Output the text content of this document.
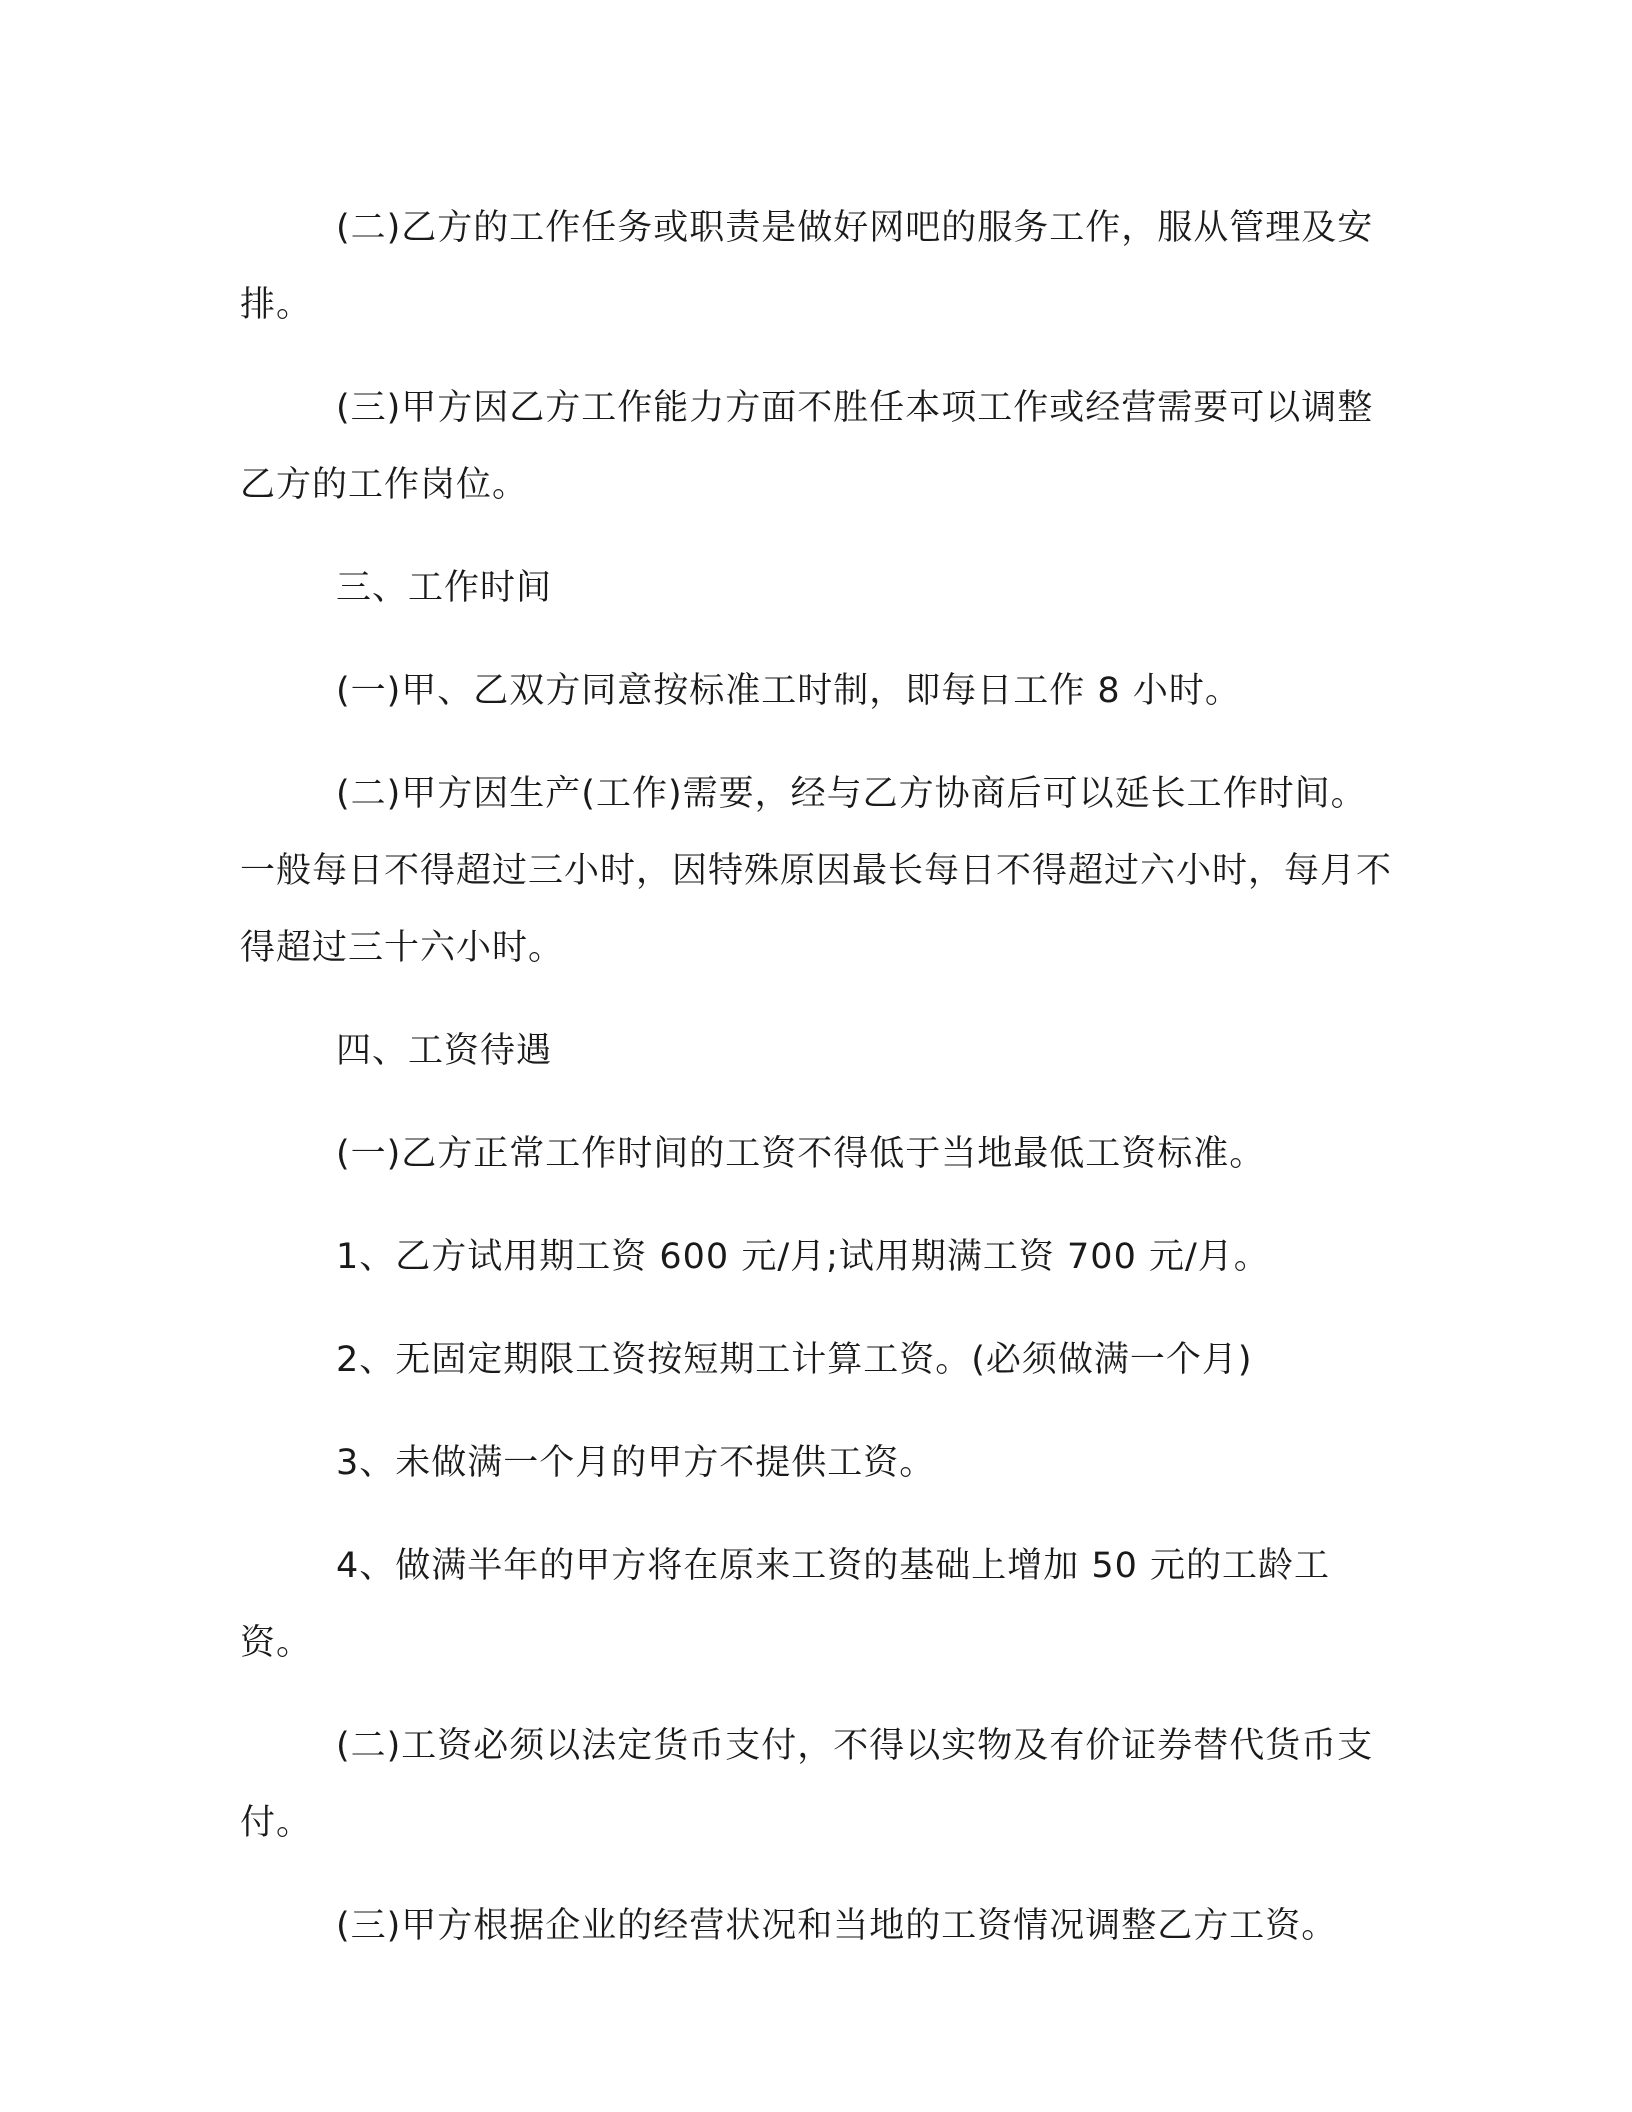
(二)乙方的工作任务或职责是做好网吧的服务工作，服从管理及安排。

(三)甲方因乙方工作能力方面不胜任本项工作或经营需要可以调整乙方的工作岗位。

三、工作时间

(一)甲、乙双方同意按标准工时制，即每日工作 8 小时。

(二)甲方因生产(工作)需要，经与乙方协商后可以延长工作时间。一般每日不得超过三小时，因特殊原因最长每日不得超过六小时，每月不得超过三十六小时。

四、工资待遇

(一)乙方正常工作时间的工资不得低于当地最低工资标准。

1、乙方试用期工资 600 元/月;试用期满工资 700 元/月。

2、无固定期限工资按短期工计算工资。(必须做满一个月)

3、未做满一个月的甲方不提供工资。

4、做满半年的甲方将在原来工资的基础上增加 50 元的工龄工资。

(二)工资必须以法定货币支付，不得以实物及有价证券替代货币支付。

(三)甲方根据企业的经营状况和当地的工资情况调整乙方工资。
